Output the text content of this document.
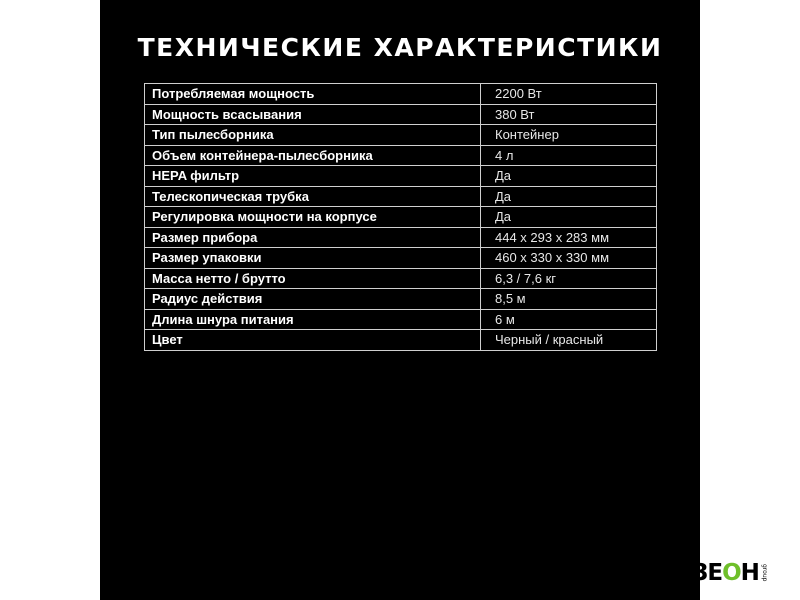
ТЕХНИЧЕСКИЕ ХАРАКТЕРИСТИКИ
Потребляемая мощность	2200 Вт
Мощность всасывания	380 Вт
Тип пылесборника	Контейнер
Объем контейнера-пылесборника	4 л
HEPA фильтр	Да
Телескопическая трубка	Да
Регулировка мощности на корпусе	Да
Размер прибора	444 x 293 x 283 мм
Размер упаковки	460 x 330 x 330 мм
Масса нетто / брутто	6,3 / 7,6 кг
Радиус действия	8,5 м
Длина шнура питания	6 м
Цвет	Черный / красный
ЗЕОН group
